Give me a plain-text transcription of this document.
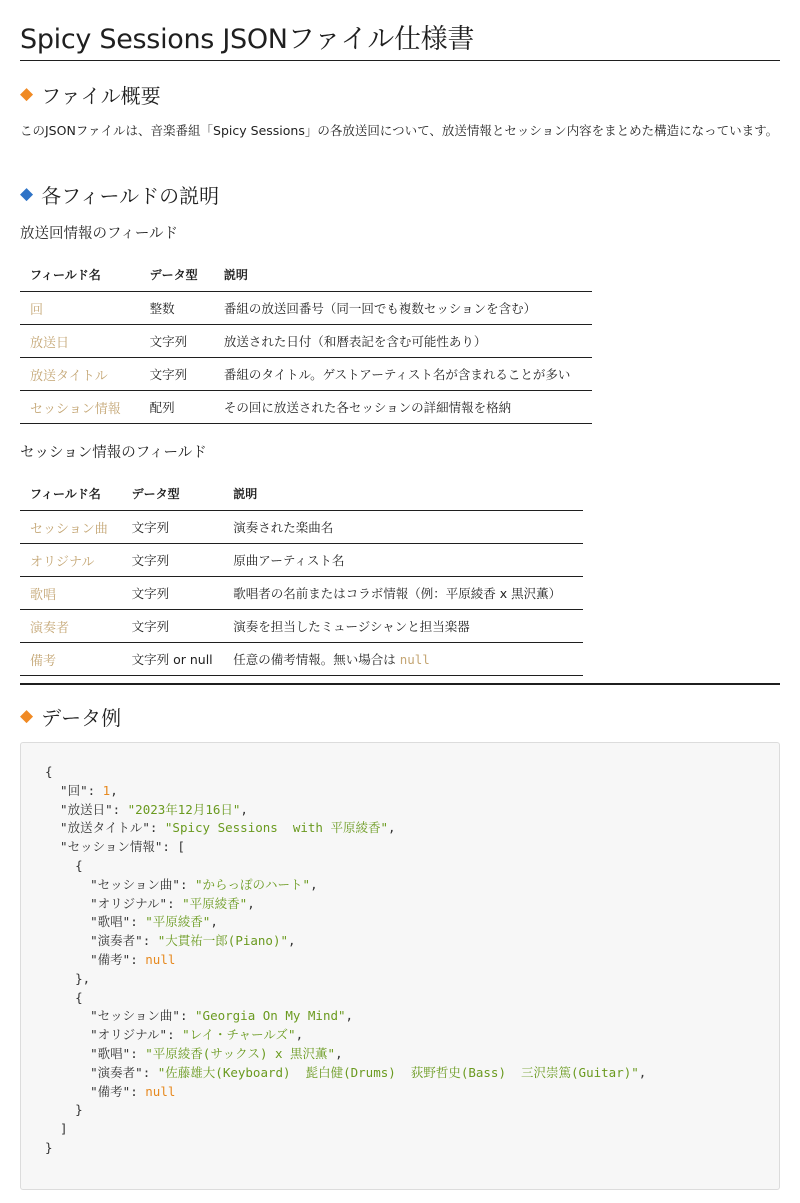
Spicy Sessions JSONファイル仕様書
◆ ファイル概要

このJSONファイルは、音楽番組「Spicy Sessions」の各放送回について、放送情報とセッション内容をまとめた構造になっています。

◆ 各フィールドの説明

放送回情報のフィールド

フィールド名	データ型	説明
回	整数	番組の放送回番号（同一回でも複数セッションを含む）
放送日	文字列	放送された日付（和暦表記を含む可能性あり）
放送タイトル	文字列	番組のタイトル。ゲストアーティスト名が含まれることが多い
セッション情報	配列	その回に放送された各セッションの詳細情報を格納

セッション情報のフィールド

フィールド名	データ型	説明
セッション曲	文字列	演奏された楽曲名
オリジナル	文字列	原曲アーティスト名
歌唱	文字列	歌唱者の名前またはコラボ情報（例：平原綾香 x 黒沢薫）
演奏者	文字列	演奏を担当したミュージシャンと担当楽器
備考	文字列 or null	任意の備考情報。無い場合は null
◆ データ例
{
"回": 1,
"放送日": "2023年12月16日",
"放送タイトル": "Spicy Sessions  with 平原綾香",
"セッション情報": [
{
"セッション曲": "からっぽのハート",
"オリジナル": "平原綾香",
"歌唱": "平原綾香",
"演奏者": "大貫祐一郎(Piano)",
"備考": null
},
{
"セッション曲": "Georgia On My Mind",
"オリジナル": "レイ・チャールズ",
"歌唱": "平原綾香(サックス) x 黒沢薫",
"演奏者": "佐藤雄大(Keyboard)  髭白健(Drums)  荻野哲史(Bass)  三沢崇篤(Guitar)",
"備考": null
}
]
}
